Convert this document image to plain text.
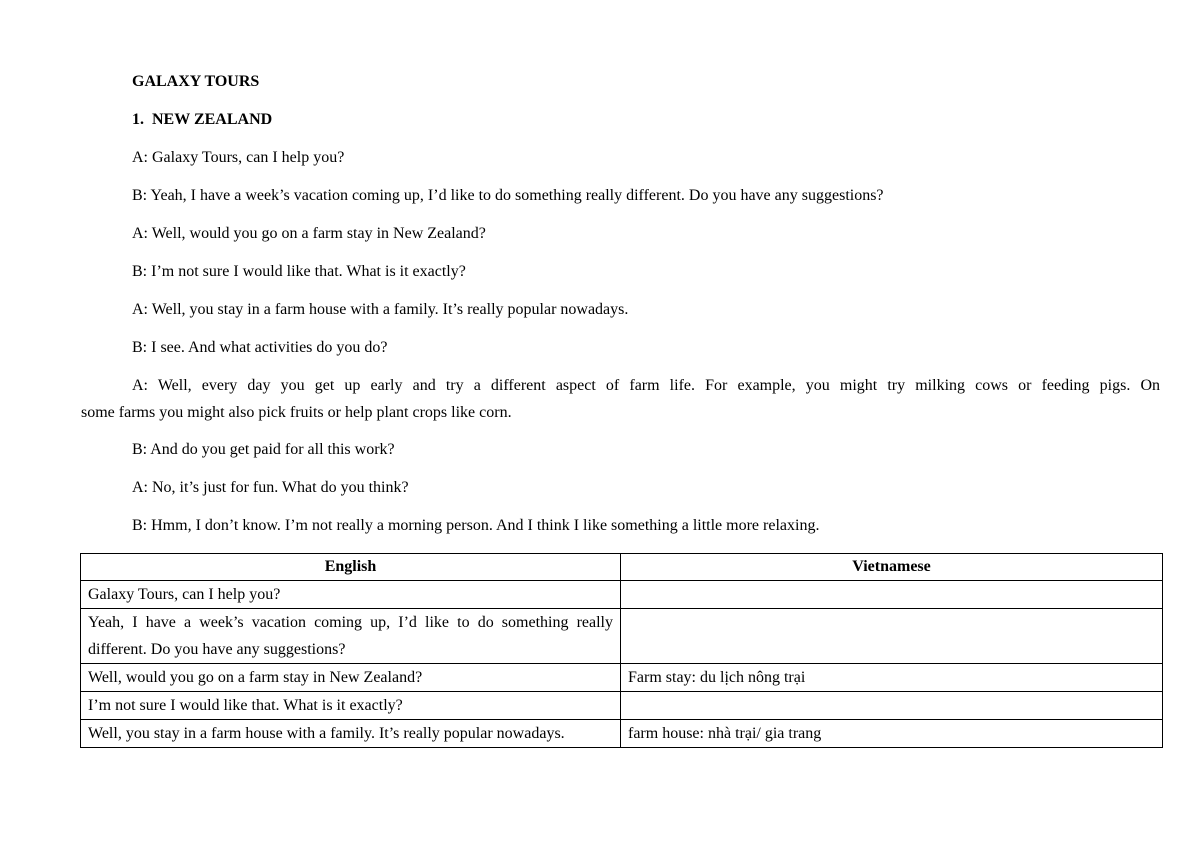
GALAXY TOURS
1. NEW ZEALAND
A: Galaxy Tours, can I help you?
B: Yeah, I have a week’s vacation coming up, I’d like to do something really different. Do you have any suggestions?
A: Well, would you go on a farm stay in New Zealand?
B: I’m not sure I would like that. What is it exactly?
A: Well, you stay in a farm house with a family. It’s really popular nowadays.
B: I see. And what activities do you do?
A: Well, every day you get up early and try a different aspect of farm life. For example, you might try milking cows or feeding pigs. On
some farms you might also pick fruits or help plant crops like corn.
B: And do you get paid for all this work?
A: No, it’s just for fun. What do you think?
B: Hmm, I don’t know. I’m not really a morning person. And I think I like something a little more relaxing.
English	Vietnamese
Galaxy Tours, can I help you?	
Yeah, I have a week’s vacation coming up, I’d like to do something really different. Do you have any suggestions?	
Well, would you go on a farm stay in New Zealand?	Farm stay: du lịch nông trại
I’m not sure I would like that. What is it exactly?	
Well, you stay in a farm house with a family. It’s really popular nowadays.	farm house: nhà trại/ gia trang
